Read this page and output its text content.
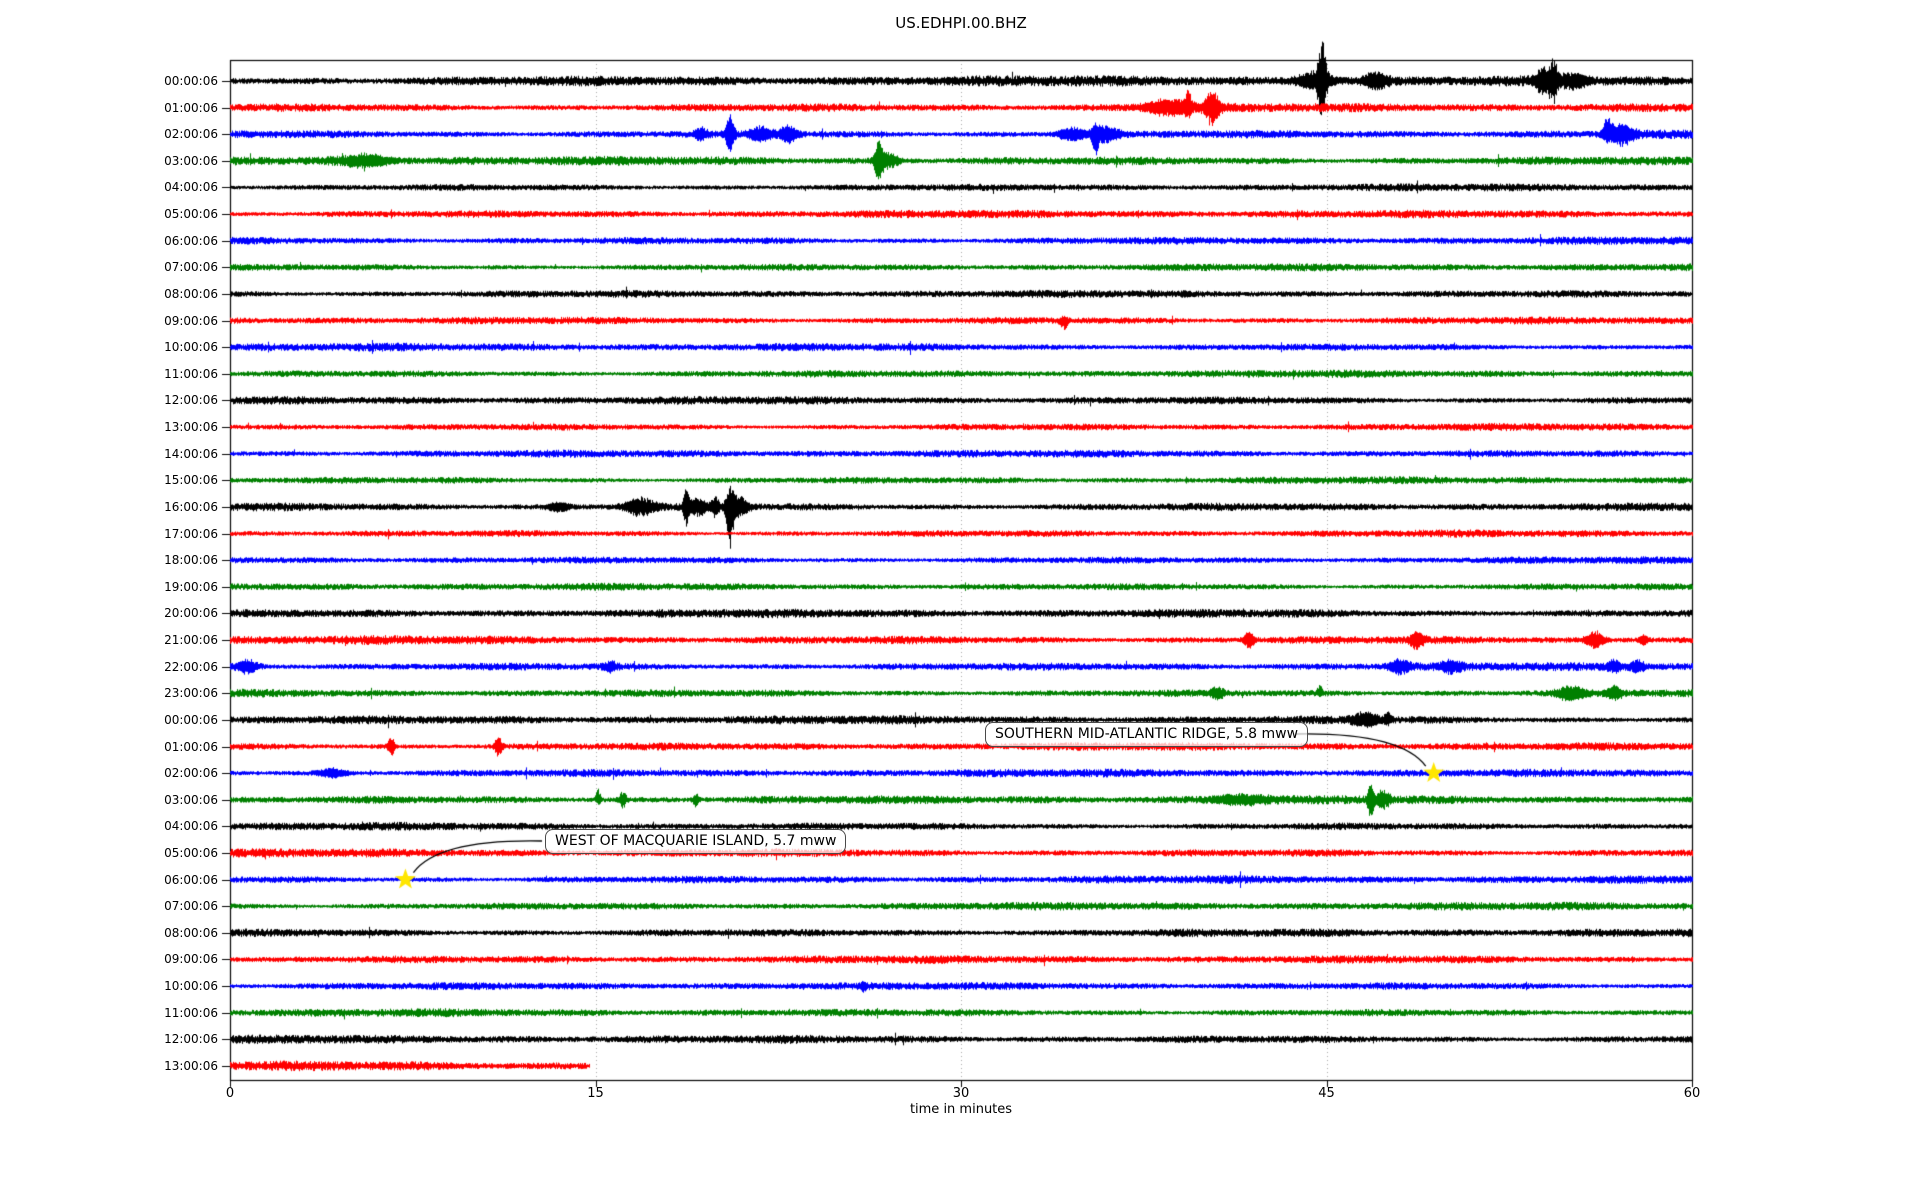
US.EDHPI.00.BHZ
00:00:06
01:00:06
02:00:06
03:00:06
04:00:06
05:00:06
06:00:06
07:00:06
08:00:06
09:00:06
10:00:06
11:00:06
12:00:06
13:00:06
14:00:06
15:00:06
16:00:06
17:00:06
18:00:06
19:00:06
20:00:06
21:00:06
22:00:06
23:00:06
00:00:06
01:00:06
02:00:06
03:00:06
04:00:06
05:00:06
06:00:06
07:00:06
08:00:06
09:00:06
10:00:06
11:00:06
12:00:06
13:00:06
0	15	30	45	60
time in minutes
SOUTHERN MID-ATLANTIC RIDGE, 5.8 mww
WEST OF MACQUARIE ISLAND, 5.7 mww
